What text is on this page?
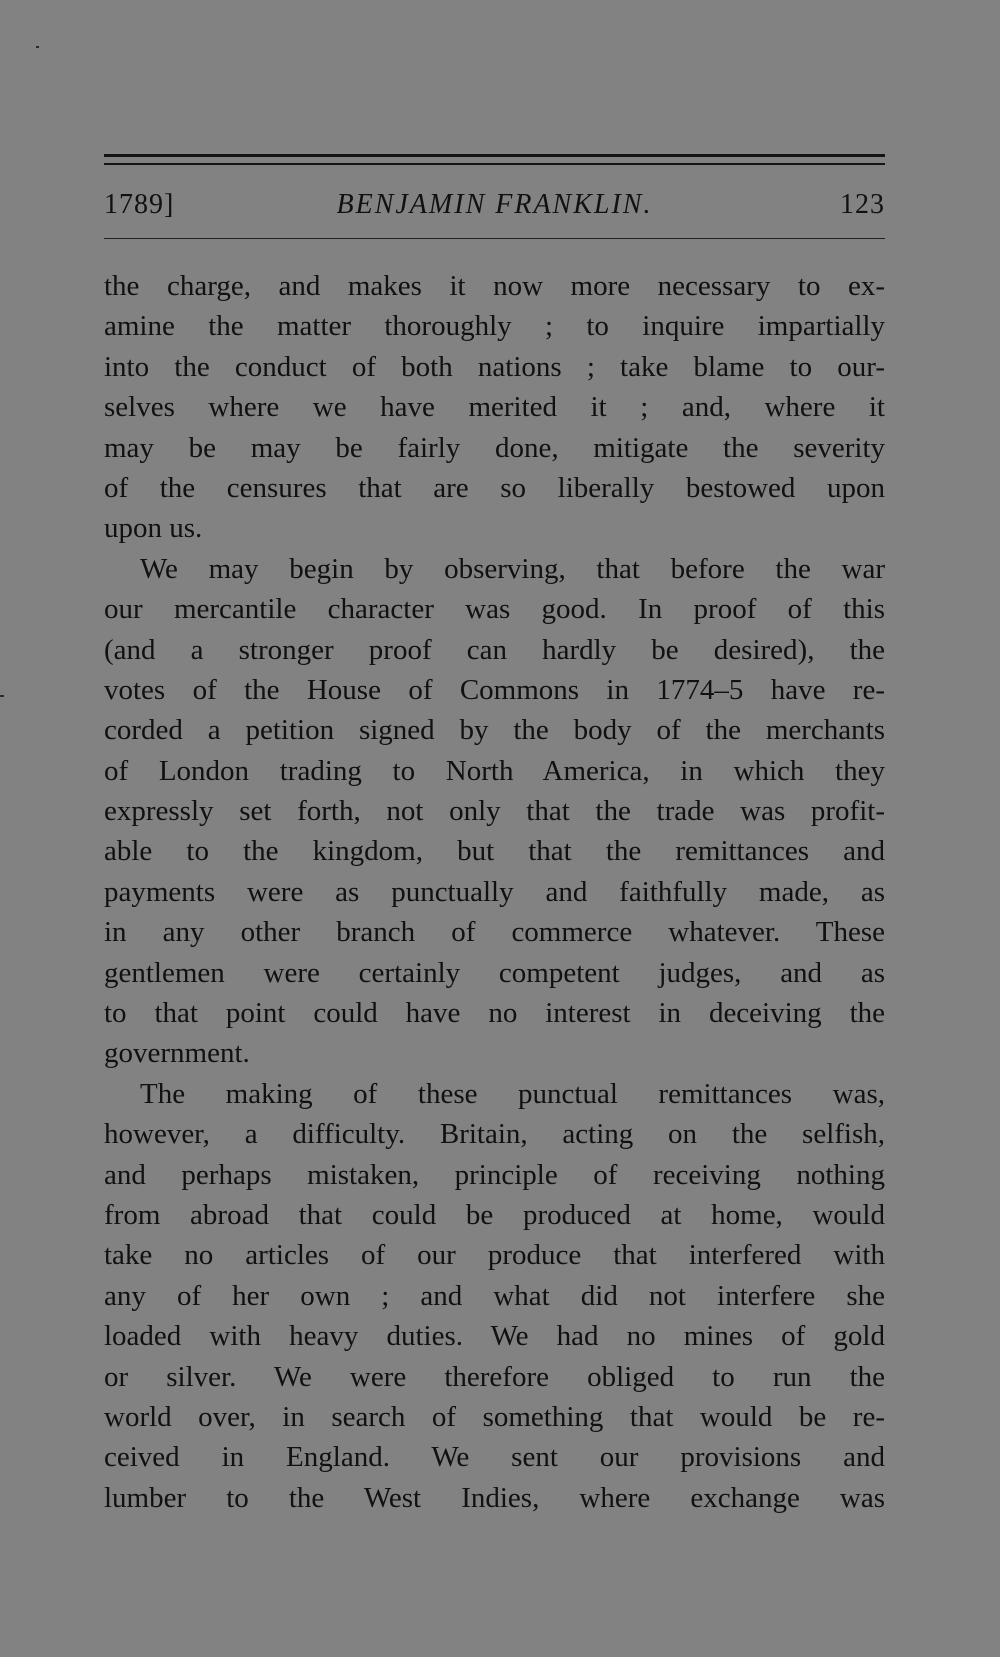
1789]	BENJAMIN FRANKLIN.	123
the charge, and makes it now more necessary to ex-
amine the matter thoroughly ; to inquire impartially
into the conduct of both nations ; take blame to our-
selves where we have merited it ; and, where it
may be may be fairly done, mitigate the severity
of the censures that are so liberally bestowed upon
upon us.
We may begin by observing, that before the war
our mercantile character was good. In proof of this
(and a stronger proof can hardly be desired), the
votes of the House of Commons in 1774–5 have re-
corded a petition signed by the body of the merchants
of London trading to North America, in which they
expressly set forth, not only that the trade was profit-
able to the kingdom, but that the remittances and
payments were as punctually and faithfully made, as
in any other branch of commerce whatever. These
gentlemen were certainly competent judges, and as
to that point could have no interest in deceiving the
government.
The making of these punctual remittances was,
however, a difficulty. Britain, acting on the selfish,
and perhaps mistaken, principle of receiving nothing
from abroad that could be produced at home, would
take no articles of our produce that interfered with
any of her own ; and what did not interfere she
loaded with heavy duties. We had no mines of gold
or silver. We were therefore obliged to run the
world over, in search of something that would be re-
ceived in England. We sent our provisions and
lumber to the West Indies, where exchange was
